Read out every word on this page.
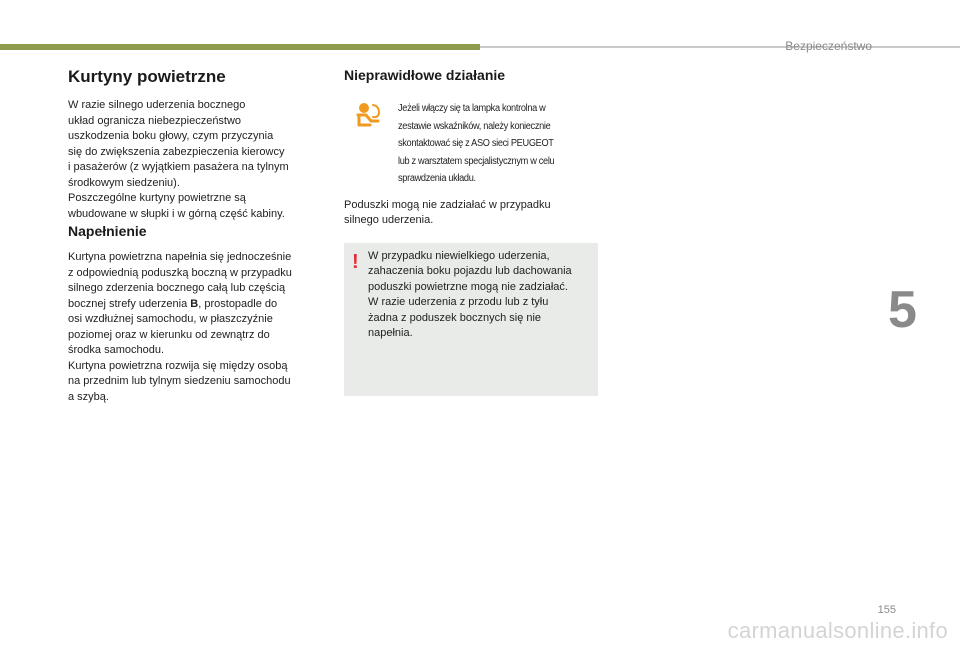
Bezpieczeństwo
Kurtyny powietrzne

W razie silnego uderzenia bocznego
układ ogranicza niebezpieczeństwo
uszkodzenia boku głowy, czym przyczynia
się do zwiększenia zabezpieczenia kierowcy
i pasażerów (z wyjątkiem pasażera na tylnym
środkowym siedzeniu).
Poszczególne kurtyny powietrzne są
wbudowane w słupki i w górną część kabiny.

Napełnienie

Kurtyna powietrzna napełnia się jednocześnie
z odpowiednią poduszką boczną w przypadku
silnego zderzenia bocznego całą lub częścią
bocznej strefy uderzenia B, prostopadle do
osi wzdłużnej samochodu, w płaszczyźnie
poziomej oraz w kierunku od zewnątrz do
środka samochodu.
Kurtyna powietrzna rozwija się między osobą
na przednim lub tylnym siedzeniu samochodu
a szybą.

Nieprawidłowe działanie
Jeżeli włączy się ta lampka kontrolna w
zestawie wskaźników, należy koniecznie
skontaktować się z ASO sieci PEUGEOT
lub z warsztatem specjalistycznym w celu
sprawdzenia układu.

Poduszki mogą nie zadziałać w przypadku
silnego uderzenia.

! W przypadku niewielkiego uderzenia,
zahaczenia boku pojazdu lub dachowania
poduszki powietrzne mogą nie zadziałać.
W razie uderzenia z przodu lub z tyłu
żadna z poduszek bocznych się nie
napełnia.	5
155
carmanualsonline.info
